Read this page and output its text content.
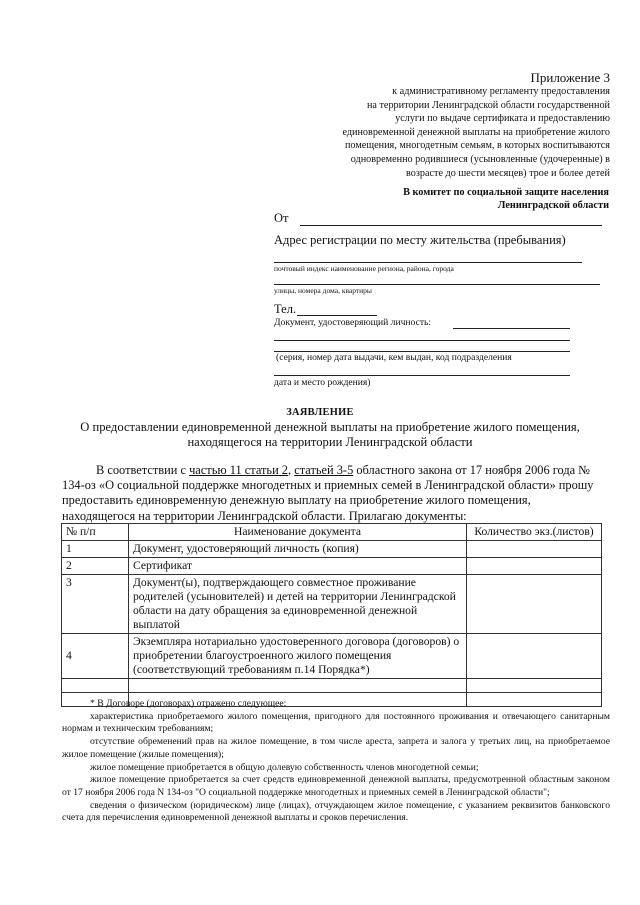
Приложение 3
к административному регламенту предоставления
на территории Ленинградской области государственной
услуги по выдаче сертификата и предоставлению
единовременной денежной выплаты на приобретение жилого
помещения, многодетным семьям, в которых воспитываются
одновременно родившиеся (усыновленные (удочеренные) в
возрасте до шести месяцев) трое и более детей
В комитет по социальной защите населения
Ленинградской области
От
Адрес регистрации по месту жительства (пребывания)
почтовый индекс наименование региона, района, города
улицы, номера дома, квартиры
Тел.
Документ, удостоверяющий личность:
(серия, номер дата выдачи, кем выдан, код подразделения
дата и место рождения)
ЗАЯВЛЕНИЕ
О предоставлении единовременной денежной выплаты на приобретение жилого помещения, находящегося на территории Ленинградской области
В соответствии с частью 11 статьи 2, статьей 3-5 областного закона от 17 ноября 2006 года № 134-оз «О социальной поддержке многодетных и приемных семей в Ленинградской области» прошу предоставить единовременную денежную выплату на приобретение жилого помещения, находящегося на территории Ленинградской области. Прилагаю документы:
№ п/п	Наименование документа	Количество экз.(листов)
1	Документ, удостоверяющий личность (копия)	
2	Сертификат	
3	Документ(ы), подтверждающего совместное проживание родителей (усыновителей) и детей на территории Ленинградской области на дату обращения за единовременной денежной выплатой	
4	Экземпляра нотариально удостоверенного договора (договоров) о приобретении благоустроенного жилого помещения (соответствующий требованиям п.14 Порядка*)	

* В Договоре (договорах) отражено следующее:

характеристика приобретаемого жилого помещения, пригодного для постоянного проживания и отвечающего санитарным нормам и техническим требованиям;

отсутствие обременений прав на жилое помещение, в том числе ареста, запрета и залога у третьих лиц, на приобретаемое жилое помещение (жилые помещения);

жилое помещение приобретается в общую долевую собственность членов многодетной семьи;

жилое помещение приобретается за счет средств единовременной денежной выплаты, предусмотренной областным законом от 17 ноября 2006 года N 134-оз "О социальной поддержке многодетных и приемных семей в Ленинградской области";

сведения о физическом (юридическом) лице (лицах), отчуждающем жилое помещение, с указанием реквизитов банковского счета для перечисления единовременной денежной выплаты и сроков перечисления.
